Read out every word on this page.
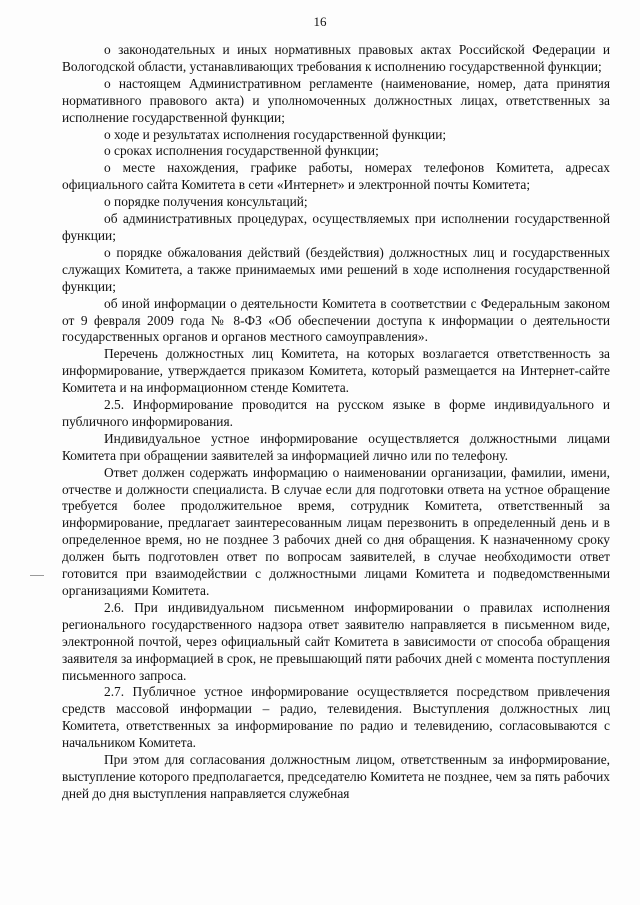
16

о законодательных и иных нормативных правовых актах Российской Федерации и Вологодской области, устанавливающих требования к исполнению государственной функции;

о настоящем Административном регламенте (наименование, номер, дата принятия нормативного правового акта) и уполномоченных должностных лицах, ответственных за исполнение государственной функции;

о ходе и результатах исполнения государственной функции;

о сроках исполнения государственной функции;

о месте нахождения, графике работы, номерах телефонов Комитета, адресах официального сайта Комитета в сети «Интернет» и электронной почты Комитета;

о порядке получения консультаций;

об административных процедурах, осуществляемых при исполнении государственной функции;

о порядке обжалования действий (бездействия) должностных лиц и государственных служащих Комитета, а также принимаемых ими решений в ходе исполнения государственной функции;

об иной информации о деятельности Комитета в соответствии с Федеральным законом от 9 февраля 2009 года № 8-ФЗ «Об обеспечении доступа к информации о деятельности государственных органов и органов местного самоуправления».

Перечень должностных лиц Комитета, на которых возлагается ответственность за информирование, утверждается приказом Комитета, который размещается на Интернет-сайте Комитета и на информационном стенде Комитета.

2.5. Информирование проводится на русском языке в форме индивидуального и публичного информирования.

Индивидуальное устное информирование осуществляется должностными лицами Комитета при обращении заявителей за информацией лично или по телефону.

Ответ должен содержать информацию о наименовании организации, фамилии, имени, отчестве и должности специалиста. В случае если для подготовки ответа на устное обращение требуется более продолжительное время, сотрудник Комитета, ответственный за информирование, предлагает заинтересованным лицам перезвонить в определенный день и в определенное время, но не позднее 3 рабочих дней со дня обращения. К назначенному сроку должен быть подготовлен ответ по вопросам заявителей, в случае необходимости ответ готовится при взаимодействии с должностными лицами Комитета и подведомственными организациями Комитета.

2.6. При индивидуальном письменном информировании о правилах исполнения регионального государственного надзора ответ заявителю направляется в письменном виде, электронной почтой, через официальный сайт Комитета в зависимости от способа обращения заявителя за информацией в срок, не превышающий пяти рабочих дней с момента поступления письменного запроса.

2.7. Публичное устное информирование осуществляется посредством привлечения средств массовой информации – радио, телевидения. Выступления должностных лиц Комитета, ответственных за информирование по радио и телевидению, согласовываются с начальником Комитета.

При этом для согласования должностным лицом, ответственным за информирование, выступление которого предполагается, председателю Комитета не позднее, чем за пять рабочих дней до дня выступления направляется служебная
